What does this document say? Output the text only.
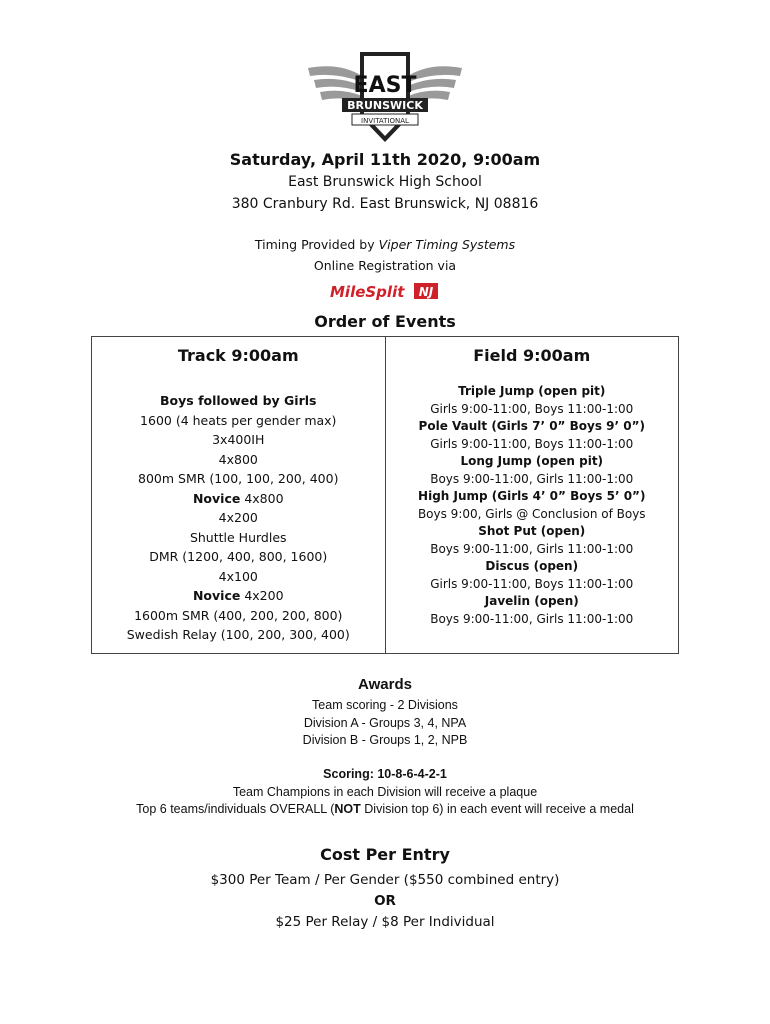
EAST
BRUNSWICK
INVITATIONAL
Saturday, April 11th 2020, 9:00am
East Brunswick High School
380 Cranbury Rd. East Brunswick, NJ 08816
Timing Provided by Viper Timing Systems
Online Registration via
MileSplit NJ
Order of Events
Track 9:00am
Boys followed by Girls
1600 (4 heats per gender max)
3x400IH
4x800
800m SMR (100, 100, 200, 400)
Novice 4x800
4x200
Shuttle Hurdles
DMR (1200, 400, 800, 1600)
4x100
Novice 4x200
1600m SMR (400, 200, 200, 800)
Swedish Relay (100, 200, 300, 400)
Field 9:00am
Triple Jump (open pit)
Girls 9:00-11:00, Boys 11:00-1:00
Pole Vault (Girls 7’ 0” Boys 9’ 0”)
Girls 9:00-11:00, Boys 11:00-1:00
Long Jump (open pit)
Boys 9:00-11:00, Girls 11:00-1:00
High Jump (Girls 4’ 0” Boys 5’ 0”)
Boys 9:00, Girls @ Conclusion of Boys
Shot Put (open)
Boys 9:00-11:00, Girls 11:00-1:00
Discus (open)
Girls 9:00-11:00, Boys 11:00-1:00
Javelin (open)
Boys 9:00-11:00, Girls 11:00-1:00
Awards
Team scoring - 2 Divisions
Division A - Groups 3, 4, NPA
Division B - Groups 1, 2, NPB
Scoring: 10-8-6-4-2-1
Team Champions in each Division will receive a plaque
Top 6 teams/individuals OVERALL (NOT Division top 6) in each event will receive a medal
Cost Per Entry
$300 Per Team / Per Gender ($550 combined entry)
OR
$25 Per Relay / $8 Per Individual
